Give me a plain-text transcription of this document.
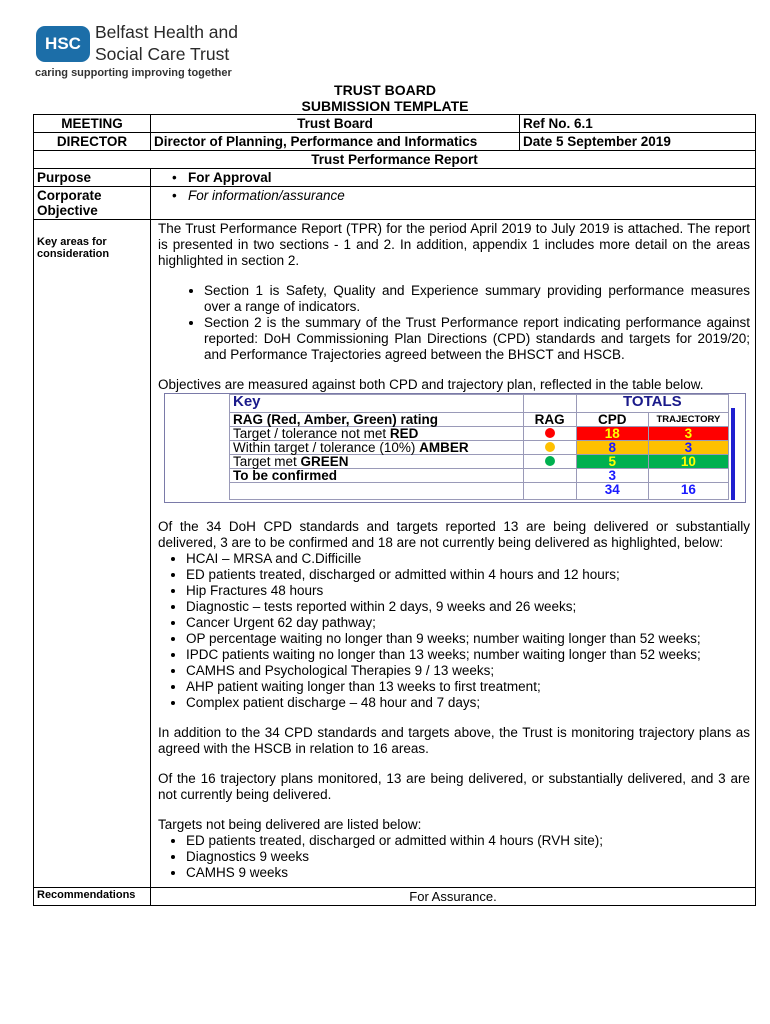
HSC
Belfast Health and
Social Care Trust
caring supporting improving together
TRUST BOARD
SUBMISSION TEMPLATE
MEETING	Trust Board	Ref No. 6.1
DIRECTOR	Director of Planning, Performance and Informatics	Date 5 September 2019
Trust Performance Report
Purpose	• For Approval
Corporate Objective	• For information/assurance
Key areas for consideration	

The Trust Performance Report (TPR) for the period April 2019 to July 2019 is attached. The report is presented in two sections - 1 and 2. In addition, appendix 1 includes more detail on the areas highlighted in section 2.

• Section 1 is Safety, Quality and Experience summary providing performance measures over a range of indicators.
• Section 2 is the summary of the Trust Performance report indicating performance against reported: DoH Commissioning Plan Directions (CPD) standards and targets for 2019/20; and Performance Trajectories agreed between the BHSCT and HSCB.

Objectives are measured against both CPD and trajectory plan, reflected in the table below.

Key		TOTALS
RAG (Red, Amber, Green) rating	RAG	CPD	TRAJECTORY
Target / tolerance not met RED		18	3
Within target / tolerance (10%) AMBER		8	3
Target met GREEN		5	10
To be confirmed		3	
		34	16

Of the 34 DoH CPD standards and targets reported 13 are being delivered or substantially delivered, 3 are to be confirmed and 18 are not currently being delivered as highlighted, below:

• HCAI – MRSA and C.Difficille
• ED patients treated, discharged or admitted within 4 hours and 12 hours;
• Hip Fractures 48 hours
• Diagnostic – tests reported within 2 days, 9 weeks and 26 weeks;
• Cancer Urgent 62 day pathway;
• OP percentage waiting no longer than 9 weeks; number waiting longer than 52 weeks;
• IPDC patients waiting no longer than 13 weeks; number waiting longer than 52 weeks;
• CAMHS and Psychological Therapies 9 / 13 weeks;
• AHP patient waiting longer than 13 weeks to first treatment;
• Complex patient discharge – 48 hour and 7 days;

In addition to the 34 CPD standards and targets above, the Trust is monitoring trajectory plans as agreed with the HSCB in relation to 16 areas.

Of the 16 trajectory plans monitored, 13 are being delivered, or substantially delivered, and 3 are not currently being delivered.

Targets not being delivered are listed below:

• ED patients treated, discharged or admitted within 4 hours (RVH site);
• Diagnostics 9 weeks
• CAMHS 9 weeks

Recommendations	For Assurance.
